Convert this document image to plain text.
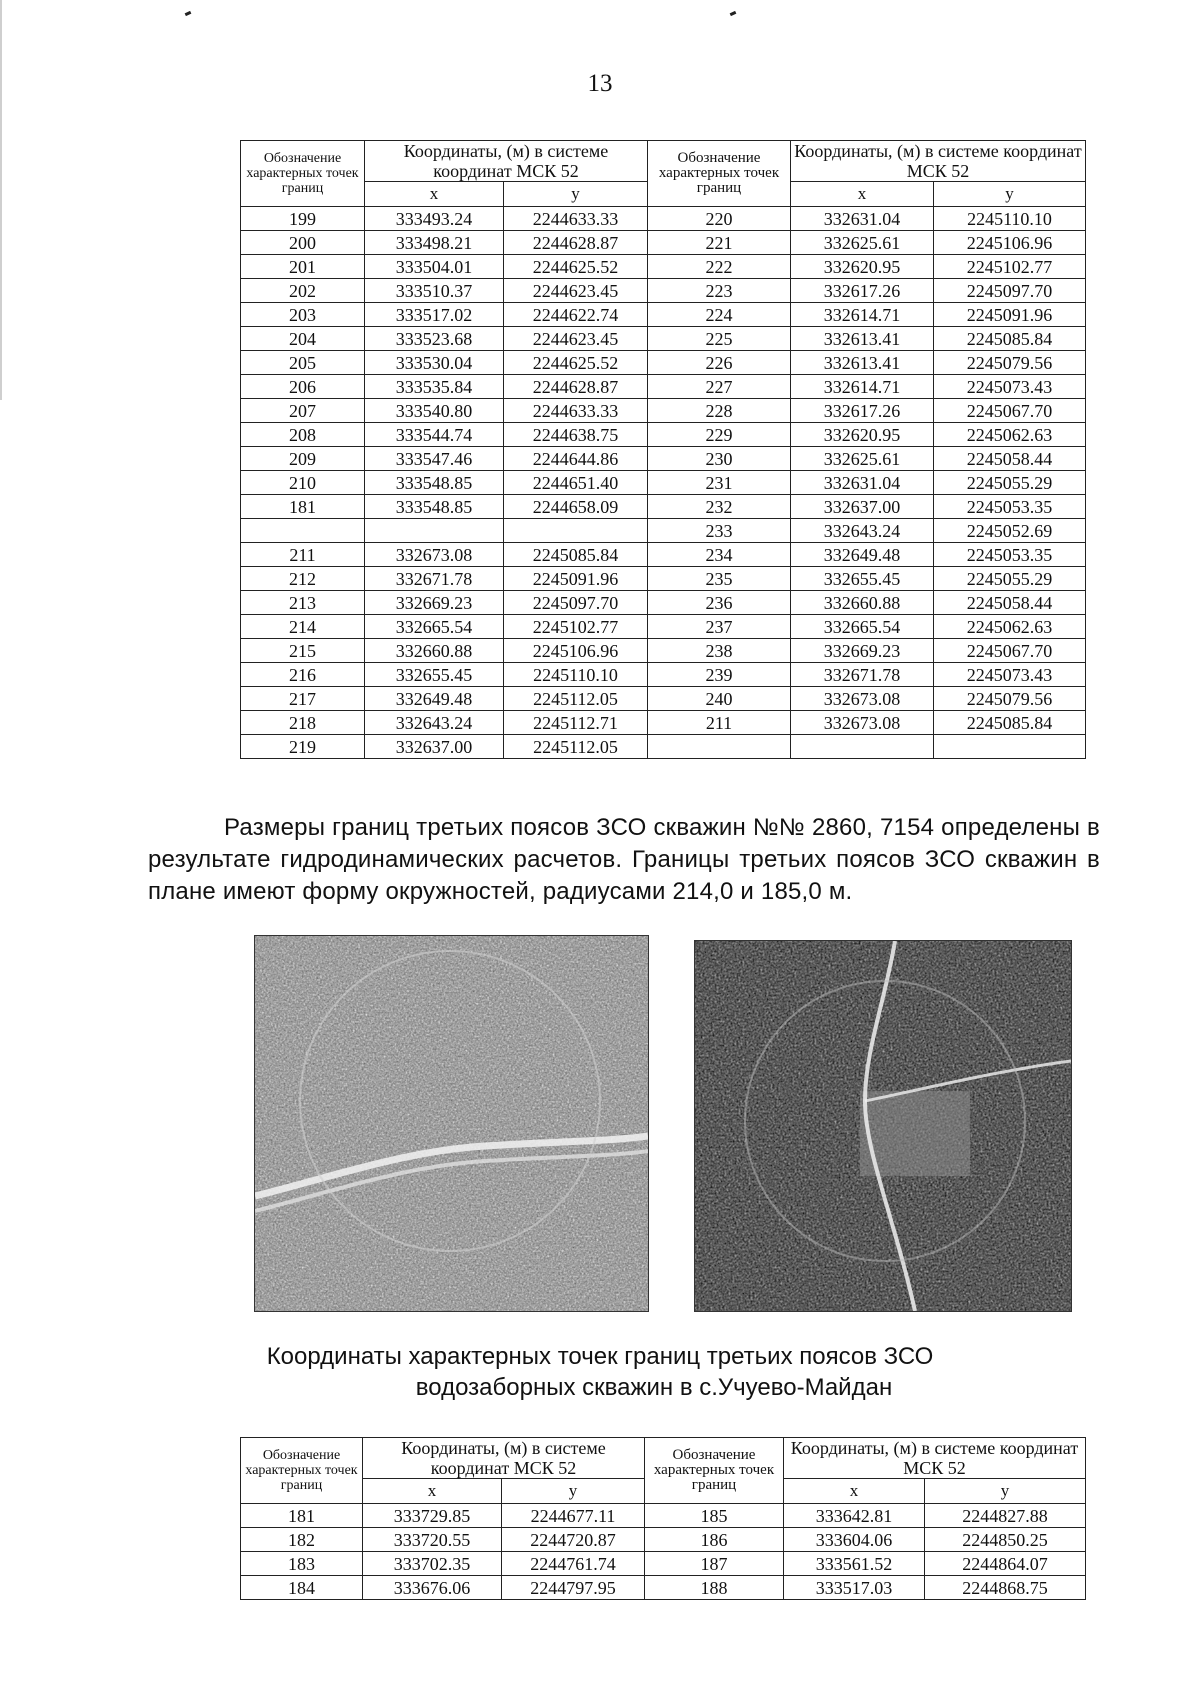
13
Обозначение характерных точек границ	Координаты, (м) в системе координат МСК 52		Обозначение характерных точек границ	Координаты, (м) в системе координат МСК 52	
	x	y		x	y
199	333493.24	2244633.33	220	332631.04	2245110.10
200	333498.21	2244628.87	221	332625.61	2245106.96
201	333504.01	2244625.52	222	332620.95	2245102.77
202	333510.37	2244623.45	223	332617.26	2245097.70
203	333517.02	2244622.74	224	332614.71	2245091.96
204	333523.68	2244623.45	225	332613.41	2245085.84
205	333530.04	2244625.52	226	332613.41	2245079.56
206	333535.84	2244628.87	227	332614.71	2245073.43
207	333540.80	2244633.33	228	332617.26	2245067.70
208	333544.74	2244638.75	229	332620.95	2245062.63
209	333547.46	2244644.86	230	332625.61	2245058.44
210	333548.85	2244651.40	231	332631.04	2245055.29
181	333548.85	2244658.09	232	332637.00	2245053.35
			233	332643.24	2245052.69
211	332673.08	2245085.84	234	332649.48	2245053.35
212	332671.78	2245091.96	235	332655.45	2245055.29
213	332669.23	2245097.70	236	332660.88	2245058.44
214	332665.54	2245102.77	237	332665.54	2245062.63
215	332660.88	2245106.96	238	332669.23	2245067.70
216	332655.45	2245110.10	239	332671.78	2245073.43
217	332649.48	2245112.05	240	332673.08	2245079.56
218	332643.24	2245112.71	211	332673.08	2245085.84
219	332637.00	2245112.05			

Размеры границ третьих поясов ЗСО скважин №№ 2860, 7154 определены в результате гидродинамических расчетов. Границы третьих поясов ЗСО скважин в плане имеют форму окружностей, радиусами 214,0 и 185,0 м.

Координаты характерных точек границ третьих поясов ЗСО
водозаборных скважин в с.Учуево-Майдан
Обозначение характерных точек границ	Координаты, (м) в системе координат МСК 52		Обозначение характерных точек границ	Координаты, (м) в системе координат МСК 52	
	x	y		x	y
181	333729.85	2244677.11	185	333642.81	2244827.88
182	333720.55	2244720.87	186	333604.06	2244850.25
183	333702.35	2244761.74	187	333561.52	2244864.07
184	333676.06	2244797.95	188	333517.03	2244868.75
